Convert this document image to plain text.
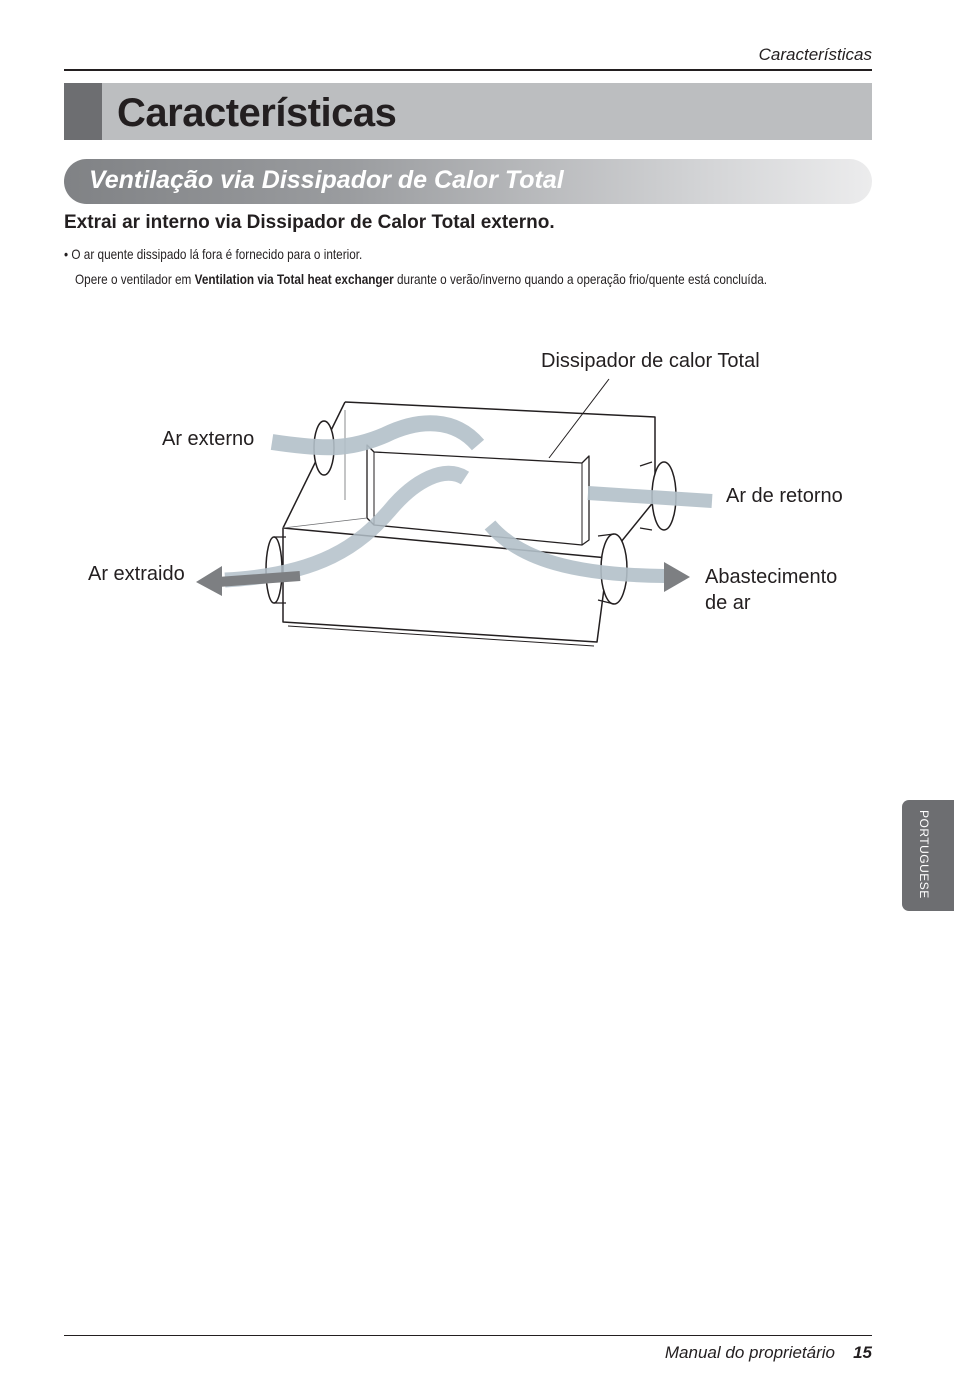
Características
Características
Ventilação via Dissipador de Calor Total
Extrai ar interno via Dissipador de Calor Total externo.
• O ar quente dissipado lá fora é fornecido para o interior.
Opere o ventilador em Ventilation via Total heat exchanger durante o verão/inverno quando a operação frio/quente está concluída.
Dissipador de calor Total
Ar externo
Ar de retorno
Ar extraido	Abastecimento
de ar
PORTUGUESE
Manual do proprietário 15
